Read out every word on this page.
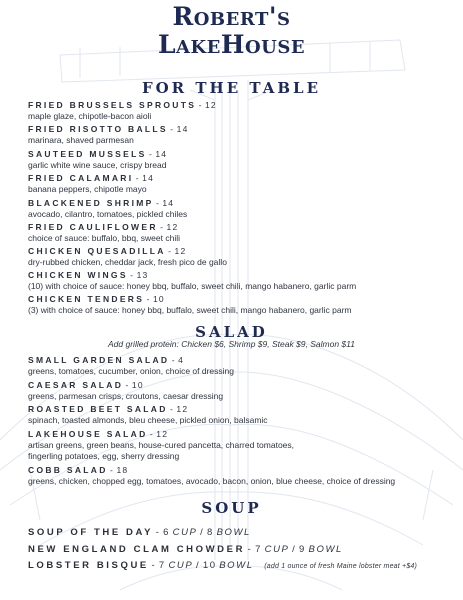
Robert's
LakeHouse
FOR THE TABLE
FRIED BRUSSELS SPROUTS - 12
maple glaze, chipotle-bacon aioli
FRIED RISOTTO BALLS - 14
marinara, shaved parmesan
SAUTEED MUSSELS - 14
garlic white wine sauce, crispy bread
FRIED CALAMARI - 14
banana peppers, chipotle mayo
BLACKENED SHRIMP - 14
avocado, cilantro, tomatoes, pickled chiles
FRIED CAULIFLOWER - 12
choice of sauce: buffalo, bbq, sweet chili
CHICKEN QUESADILLA - 12
dry-rubbed chicken, cheddar jack, fresh pico de gallo
CHICKEN WINGS - 13
(10) with choice of sauce: honey bbq, buffalo, sweet chili, mango habanero, garlic parm
CHICKEN TENDERS - 10
(3) with choice of sauce: honey bbq, buffalo, sweet chili, mango habanero, garlic parm
SALAD
Add grilled protein: Chicken $6, Shrimp $9, Steak $9, Salmon $11
SMALL GARDEN SALAD - 4
greens, tomatoes, cucumber, onion, choice of dressing
CAESAR SALAD - 10
greens, parmesan crisps, croutons, caesar dressing
ROASTED BEET SALAD - 12
spinach, toasted almonds, bleu cheese, pickled onion, balsamic
LAKEHOUSE SALAD - 12
artisan greens, green beans, house-cured pancetta, charred tomatoes,
fingerling potatoes, egg, sherry dressing
COBB SALAD - 18
greens, chicken, chopped egg, tomatoes, avocado, bacon, onion, blue cheese, choice of dressing
SOUP
SOUP OF THE DAY - 6 CUP / 8 BOWL
NEW ENGLAND CLAM CHOWDER - 7 CUP / 9 BOWL
LOBSTER BISQUE - 7 CUP / 10 BOWL (add 1 ounce of fresh Maine lobster meat +$4)
